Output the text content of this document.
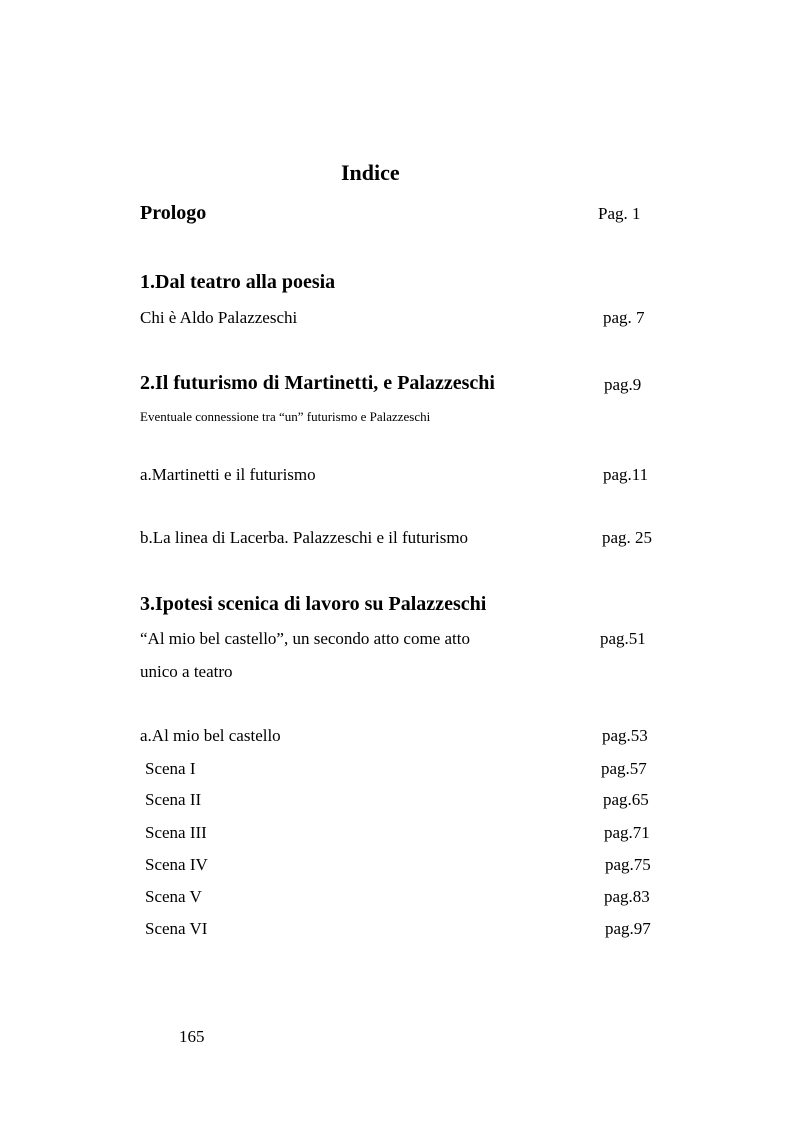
Indice
Prologo	Pag. 1
1.Dal teatro alla poesia
Chi è Aldo Palazzeschi	pag. 7
2.Il futurismo di Martinetti, e Palazzeschi	pag.9
Eventuale connessione tra “un” futurismo e Palazzeschi
a.Martinetti e il futurismo	pag.11
b.La linea di Lacerba. Palazzeschi e il futurismo	pag. 25
3.Ipotesi scenica di lavoro su Palazzeschi
“Al mio bel castello”, un secondo atto come atto	pag.51
unico a teatro
a.Al mio bel castello	pag.53
Scena I	pag.57
Scena II	pag.65
Scena III	pag.71
Scena IV	pag.75
Scena V	pag.83
Scena VI	pag.97
165
